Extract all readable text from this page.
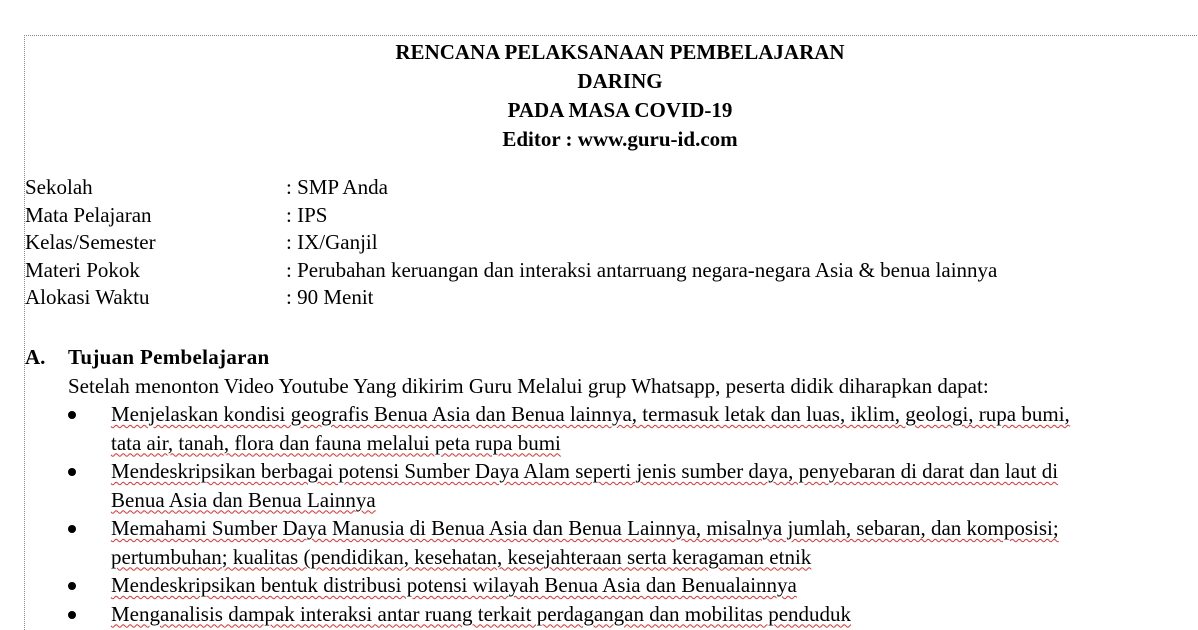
RENCANA PELAKSANAAN PEMBELAJARAN
DARING
PADA MASA COVID-19
Editor : www.guru-id.com
Sekolah	: SMP Anda
Mata Pelajaran	: IPS
Kelas/Semester	: IX/Ganjil
Materi Pokok	: Perubahan keruangan dan interaksi antarruang negara-negara Asia & benua lainnya
Alokasi Waktu	: 90 Menit
A. Tujuan Pembelajaran
Setelah menonton Video Youtube Yang dikirim Guru Melalui grup Whatsapp, peserta didik diharapkan dapat:
Menjelaskan kondisi geografis Benua Asia dan Benua lainnya, termasuk letak dan luas, iklim, geologi, rupa bumi,
tata air, tanah, flora dan fauna melalui peta rupa bumi
Mendeskripsikan berbagai potensi Sumber Daya Alam seperti jenis sumber daya, penyebaran di darat dan laut di
Benua Asia dan Benua Lainnya
Memahami Sumber Daya Manusia di Benua Asia dan Benua Lainnya, misalnya jumlah, sebaran, dan komposisi;
pertumbuhan; kualitas (pendidikan, kesehatan, kesejahteraan serta keragaman etnik
Mendeskripsikan bentuk distribusi potensi wilayah Benua Asia dan Benualainnya
Menganalisis dampak interaksi antar ruang terkait perdagangan dan mobilitas penduduk
